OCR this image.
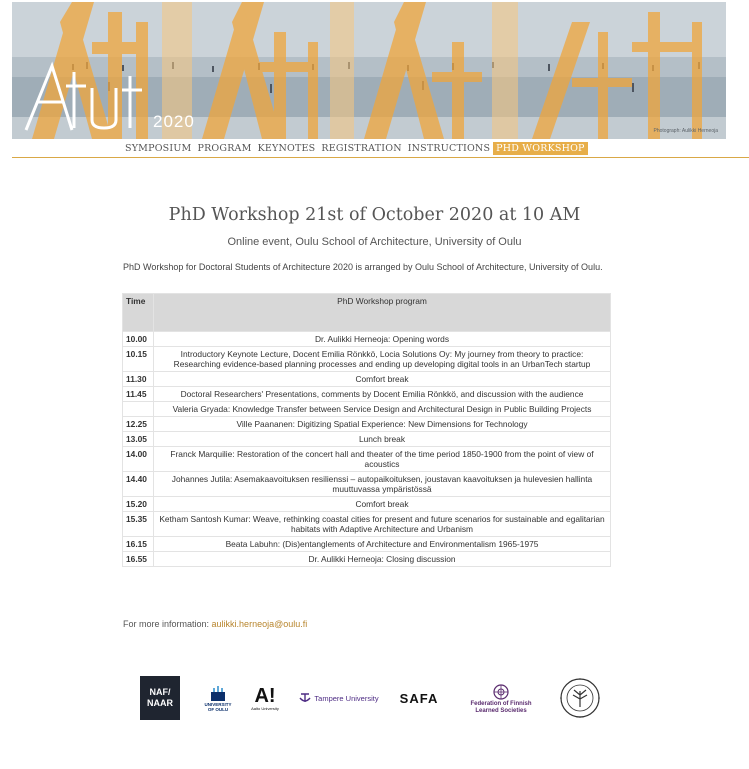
2020	Photograph: Aulikki Herneoja
SYMPOSIUM PROGRAM KEYNOTES REGISTRATION INSTRUCTIONS PHD WORKSHOP
PhD Workshop 21st of October 2020 at 10 AM
Online event, Oulu School of Architecture, University of Oulu
PhD Workshop for Doctoral Students of Architecture 2020 is arranged by Oulu School of Architecture, University of Oulu.
Time	PhD Workshop program
10.00	Dr. Aulikki Herneoja: Opening words
10.15	Introductory Keynote Lecture, Docent Emilia Rönkkö, Locia Solutions Oy: My journey from theory to practice: Researching evidence-based planning processes and ending up developing digital tools in an UrbanTech startup
11.30	Comfort break
11.45	Doctoral Researchers' Presentations, comments by Docent Emilia Rönkkö, and discussion with the audience
	Valeria Gryada: Knowledge Transfer between Service Design and Architectural Design in Public Building Projects
12.25	Ville Paananen: Digitizing Spatial Experience: New Dimensions for Technology
13.05	Lunch break
14.00	Franck Marquilie: Restoration of the concert hall and theater of the time period 1850-1900 from the point of view of acoustics
14.40	Johannes Jutila: Asemakaavoituksen resilienssi – autopaikoituksen, joustavan kaavoituksen ja hulevesien hallinta muuttuvassa ympäristössä
15.20	Comfort break
15.35	Ketham Santosh Kumar: Weave, rethinking coastal cities for present and future scenarios for sustainable and egalitarian habitats with Adaptive Architecture and Urbanism
16.15	Beata Labuhn: (Dis)entanglements of Architecture and Environmentalism 1965-1975
16.55	Dr. Aulikki Herneoja: Closing discussion
For more information: aulikki.herneoja@oulu.fi
NAF/
NAAR	UNIVERSITY
OF OULU
A!
Aalto University
Tampere University SAFA	Federation of Finnish
Learned Societies
